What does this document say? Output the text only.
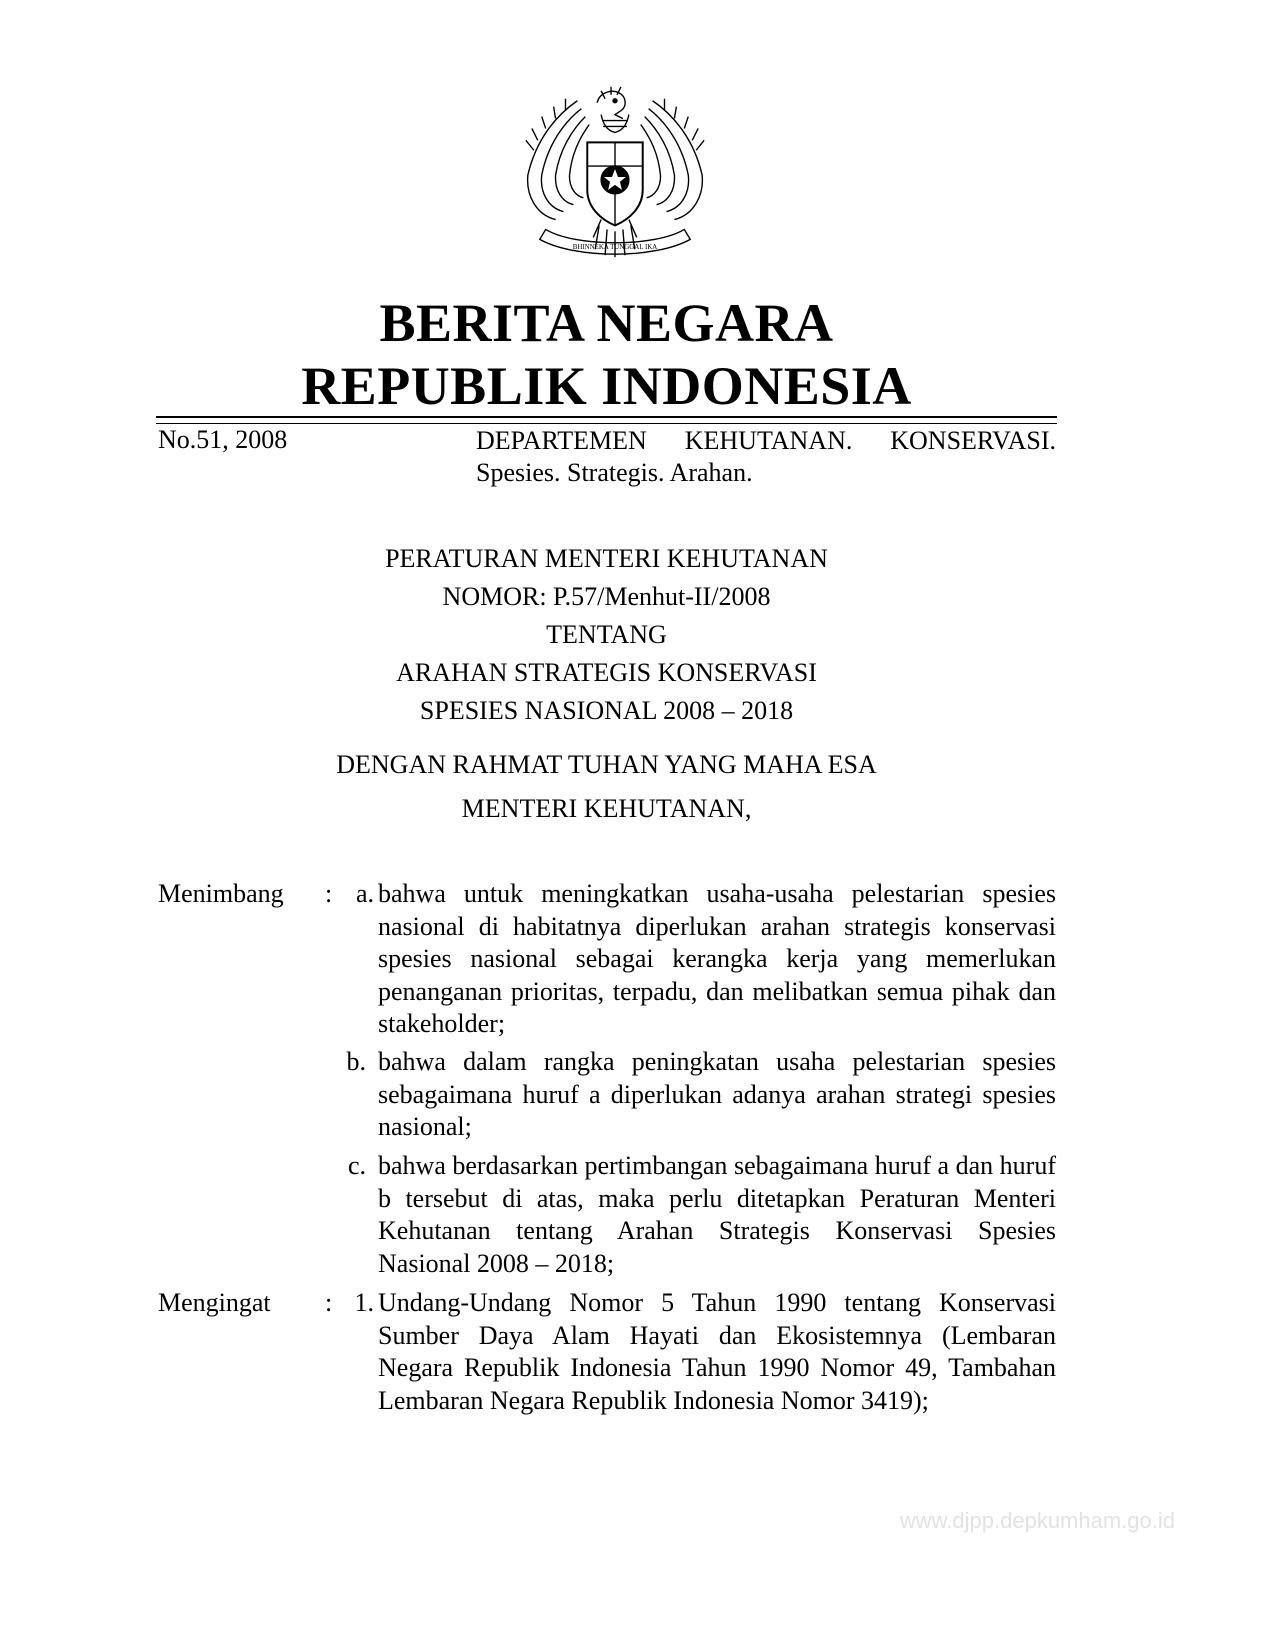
BHINNEKA TUNGGAL IKA
BERITA NEGARA
REPUBLIK INDONESIA
No.51, 2008	DEPARTEMEN KEHUTANAN. KONSERVASI.
Spesies. Strategis. Arahan.
PERATURAN MENTERI KEHUTANAN
NOMOR: P.57/Menhut-II/2008
TENTANG
ARAHAN STRATEGIS KONSERVASI
SPESIES NASIONAL 2008 – 2018
DENGAN RAHMAT TUHAN YANG MAHA ESA
MENTERI KEHUTANAN,
Menimbang : a. bahwa untuk meningkatkan usaha-usaha pelestarian spesies nasional di habitatnya diperlukan arahan strategis konservasi spesies nasional sebagai kerangka kerja yang memerlukan penanganan prioritas, terpadu, dan melibatkan semua pihak dan stakeholder;
b. bahwa dalam rangka peningkatan usaha pelestarian spesies sebagaimana huruf a diperlukan adanya arahan strategi spesies nasional;
c. bahwa berdasarkan pertimbangan sebagaimana huruf a dan huruf b tersebut di atas, maka perlu ditetapkan Peraturan Menteri Kehutanan tentang Arahan Strategis Konservasi Spesies Nasional 2008 – 2018;
Mengingat : 1. Undang-Undang Nomor 5 Tahun 1990 tentang Konservasi Sumber Daya Alam Hayati dan Ekosistemnya (Lembaran Negara Republik Indonesia Tahun 1990 Nomor 49, Tambahan Lembaran Negara Republik Indonesia Nomor 3419);
www.djpp.depkumham.go.id
